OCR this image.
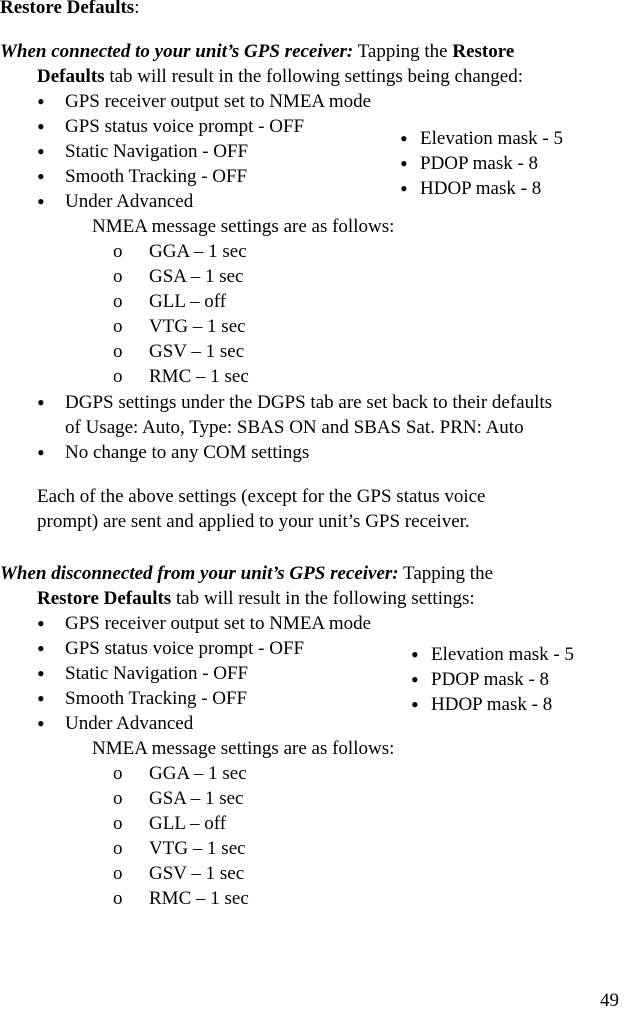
Restore Defaults:
When connected to your unit’s GPS receiver: Tapping the Restore
Defaults tab will result in the following settings being changed:
• GPS receiver output set to NMEA mode
• GPS status voice prompt - OFF
• Static Navigation - OFF
• Smooth Tracking - OFF
• Under Advanced
• Elevation mask - 5
• PDOP mask - 8
• HDOP mask - 8
NMEA message settings are as follows:
o GGA – 1 sec
o GSA – 1 sec
o GLL – off
o VTG – 1 sec
o GSV – 1 sec
o RMC – 1 sec
• DGPS settings under the DGPS tab are set back to their defaults
of Usage: Auto, Type: SBAS ON and SBAS Sat. PRN: Auto
• No change to any COM settings
Each of the above settings (except for the GPS status voice
prompt) are sent and applied to your unit’s GPS receiver.
When disconnected from your unit’s GPS receiver: Tapping the
Restore Defaults tab will result in the following settings:
• GPS receiver output set to NMEA mode
• GPS status voice prompt - OFF
• Static Navigation - OFF
• Smooth Tracking - OFF
• Under Advanced
• Elevation mask - 5
• PDOP mask - 8
• HDOP mask - 8
NMEA message settings are as follows:
o GGA – 1 sec
o GSA – 1 sec
o GLL – off
o VTG – 1 sec
o GSV – 1 sec
o RMC – 1 sec
49
